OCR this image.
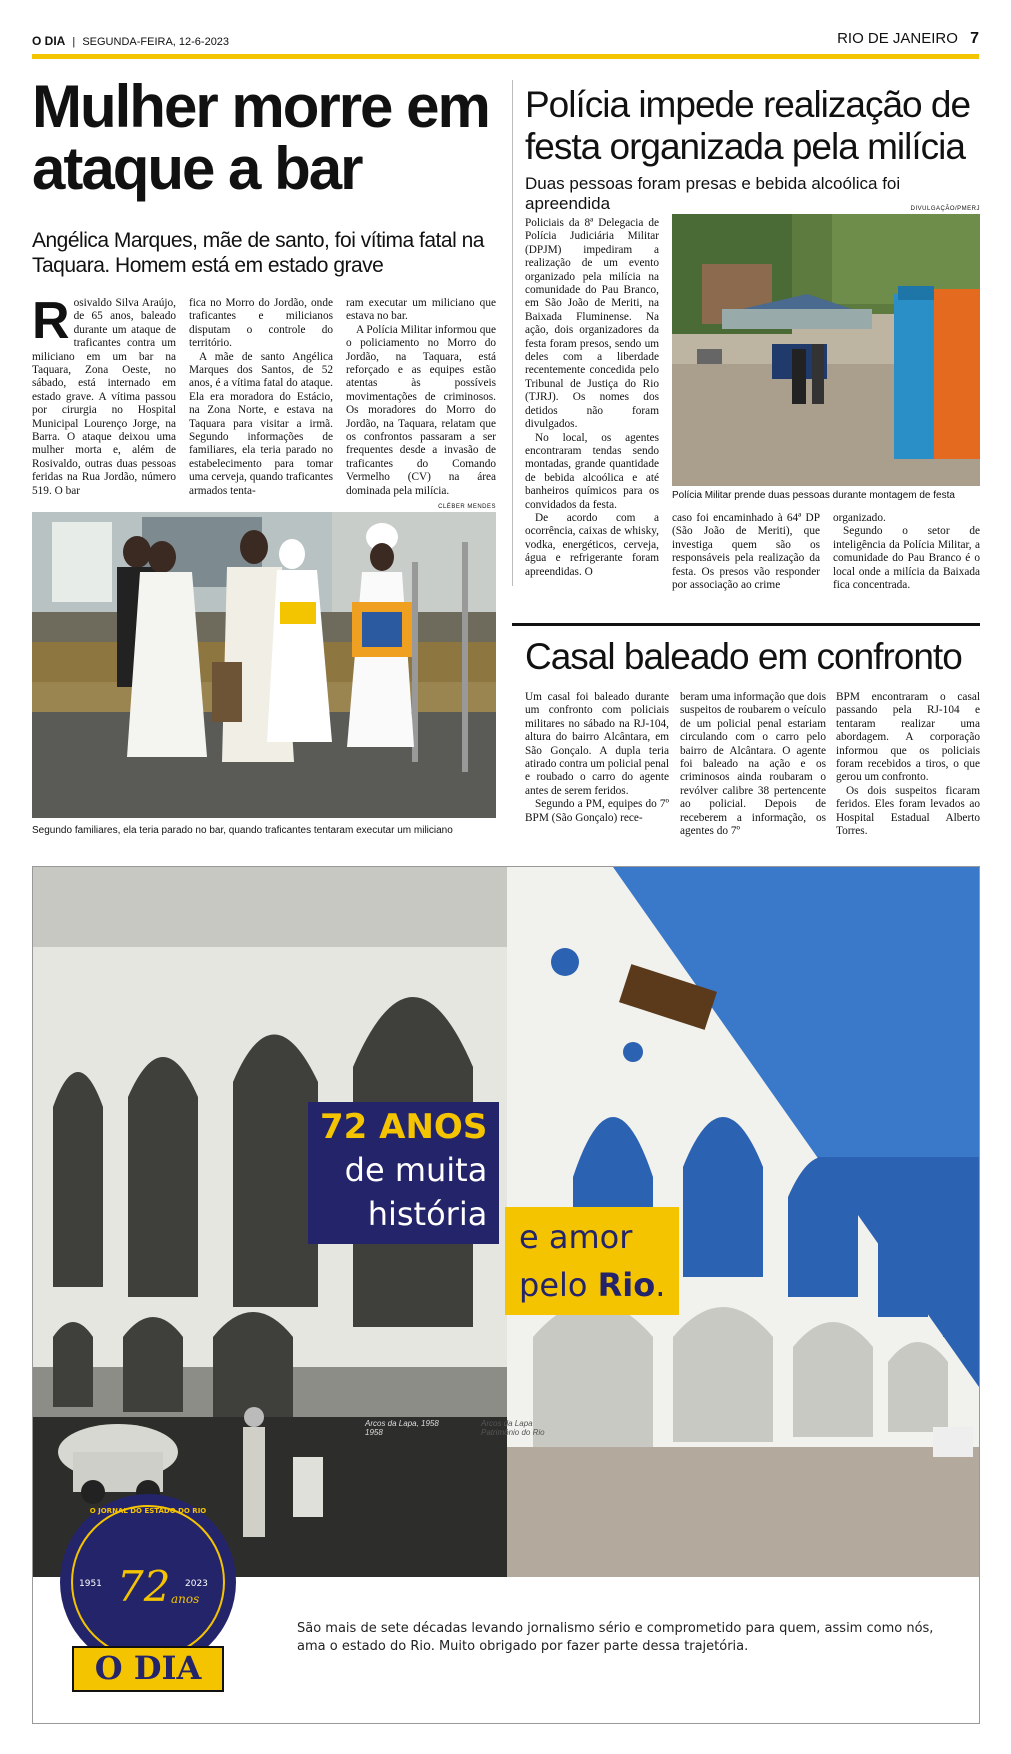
O DIA | SEGUNDA-FEIRA, 12-6-2023	RIO DE JANEIRO 7
Mulher morre em ataque a bar
Angélica Marques, mãe de santo, foi vítima fatal na Taquara. Homem está em estado grave
R osivaldo Silva Araújo, de 65 anos, baleado durante um ataque de traficantes contra um miliciano em um bar na Taquara, Zona Oeste, no sábado, está internado em estado grave. A vítima passou por cirurgia no Hospital Municipal Lourenço Jorge, na Barra. O ataque deixou uma mulher morta e, além de Rosivaldo, outras duas pessoas feridas na Rua Jordão, número 519. O bar

fica no Morro do Jordão, onde traficantes e milicianos disputam o controle do território.

A mãe de santo Angélica Marques dos Santos, de 52 anos, é a vítima fatal do ataque. Ela era moradora do Estácio, na Zona Norte, e estava na Taquara para visitar a irmã. Segundo informações de familiares, ela teria parado no estabelecimento para tomar uma cerveja, quando traficantes armados tenta-

ram executar um miliciano que estava no bar.

A Polícia Militar informou que o policiamento no Morro do Jordão, na Taquara, está reforçado e as equipes estão atentas às possíveis movimentações de criminosos. Os moradores do Morro do Jordão, na Taquara, relatam que os confrontos passaram a ser frequentes desde a invasão de traficantes do Comando Vermelho (CV) na área dominada pela milícia.

CLÉBER MENDES
Segundo familiares, ela teria parado no bar, quando traficantes tentaram executar um miliciano
Polícia impede realização de festa organizada pela milícia
Duas pessoas foram presas e bebida alcoólica foi apreendida

Policiais da 8ª Delegacia de Polícia Judiciária Militar (DPJM) impediram a realização de um evento organizado pela milícia na comunidade do Pau Branco, em São João de Meriti, na Baixada Fluminense. Na ação, dois organizadores da festa foram presos, sendo um deles com a liberdade recentemente concedida pelo Tribunal de Justiça do Rio (TJRJ). Os nomes dos detidos não foram divulgados.

No local, os agentes encontraram tendas sendo montadas, grande quantidade de bebida alcoólica e até banheiros químicos para os convidados da festa.

De acordo com a ocorrência, caixas de whisky, vodka, energéticos, cerveja, água e refrigerante foram apreendidas. O

DIVULGAÇÃO/PMERJ
Polícia Militar prende duas pessoas durante montagem de festa

caso foi encaminhado à 64ª DP (São João de Meriti), que investiga quem são os responsáveis pela realização da festa. Os presos vão responder por associação ao crime

organizado.

Segundo o setor de inteligência da Polícia Militar, a comunidade do Pau Branco é o local onde a milícia da Baixada fica concentrada.

Casal baleado em confronto

Um casal foi baleado durante um confronto com policiais militares no sábado na RJ-104, altura do bairro Alcântara, em São Gonçalo. A dupla teria atirado contra um policial penal e roubado o carro do agente antes de serem feridos.

Segundo a PM, equipes do 7º BPM (São Gonçalo) rece-

beram uma informação que dois suspeitos de roubarem o veículo de um policial penal estariam circulando com o carro pelo bairro de Alcântara. O agente foi baleado na ação e os criminosos ainda roubaram o revólver calibre 38 pertencente ao policial. Depois de receberem a informação, os agentes do 7º

BPM encontraram o casal passando pela RJ-104 e tentaram realizar uma abordagem. A corporação informou que os policiais foram recebidos a tiros, o que gerou um confronto.

Os dois suspeitos ficaram feridos. Eles foram levados ao Hospital Estadual Alberto Torres.

Arcos da Lapa, 1958
1958
Arcos da Lapa
Patrimônio do Rio
O JORNAL DO ESTADO DO RIO
1951	2023
72 anos
O DIA
72 ANOS
de muita
história
e amor
pelo Rio.
São mais de sete décadas levando jornalismo sério e comprometido para quem, assim como nós, ama o estado do Rio. Muito obrigado por fazer parte dessa trajetória.
